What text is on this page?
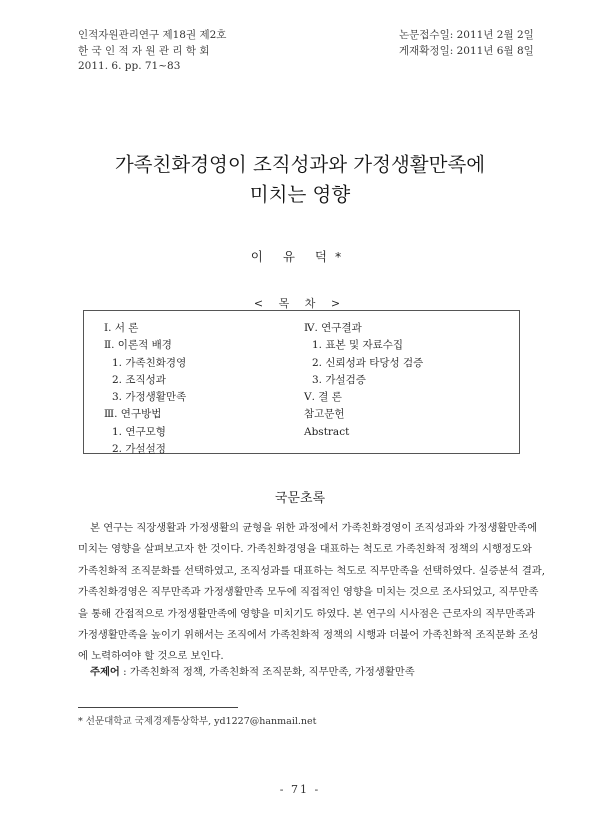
인적자원관리연구 제18권 제2호
한 국 인 적 자 원 관 리 학 회
2011. 6. pp. 71~83
논문접수일: 2011년 2월 2일
게재확정일: 2011년 6월 8일
가족친화경영이 조직성과와 가정생활만족에
미치는 영향
이 유 덕*
< 목 차 >
Ⅰ. 서 론
Ⅱ. 이론적 배경
1. 가족친화경영
2. 조직성과
3. 가정생활만족
Ⅲ. 연구방법
1. 연구모형
2. 가설설정
Ⅳ. 연구결과
1. 표본 및 자료수집
2. 신뢰성과 타당성 검증
3. 가설검증
Ⅴ. 결 론
참고문헌
Abstract
국문초록
본 연구는 직장생활과 가정생활의 균형을 위한 과정에서 가족친화경영이 조직성과와 가정생활만족에
미치는 영향을 살펴보고자 한 것이다. 가족친화경영을 대표하는 척도로 가족친화적 정책의 시행정도와
가족친화적 조직문화를 선택하였고, 조직성과를 대표하는 척도로 직무만족을 선택하였다. 실증분석 결과,
가족친화경영은 직무만족과 가정생활만족 모두에 직접적인 영향을 미치는 것으로 조사되었고, 직무만족
을 통해 간접적으로 가정생활만족에 영향을 미치기도 하였다. 본 연구의 시사점은 근로자의 직무만족과
가정생활만족을 높이기 위해서는 조직에서 가족친화적 정책의 시행과 더불어 가족친화적 조직문화 조성
에 노력하여야 할 것으로 보인다.
주제어 : 가족친화적 정책, 가족친화적 조직문화, 직무만족, 가정생활만족
* 선문대학교 국제경제통상학부, yd1227@hanmail.net
- 71 -
